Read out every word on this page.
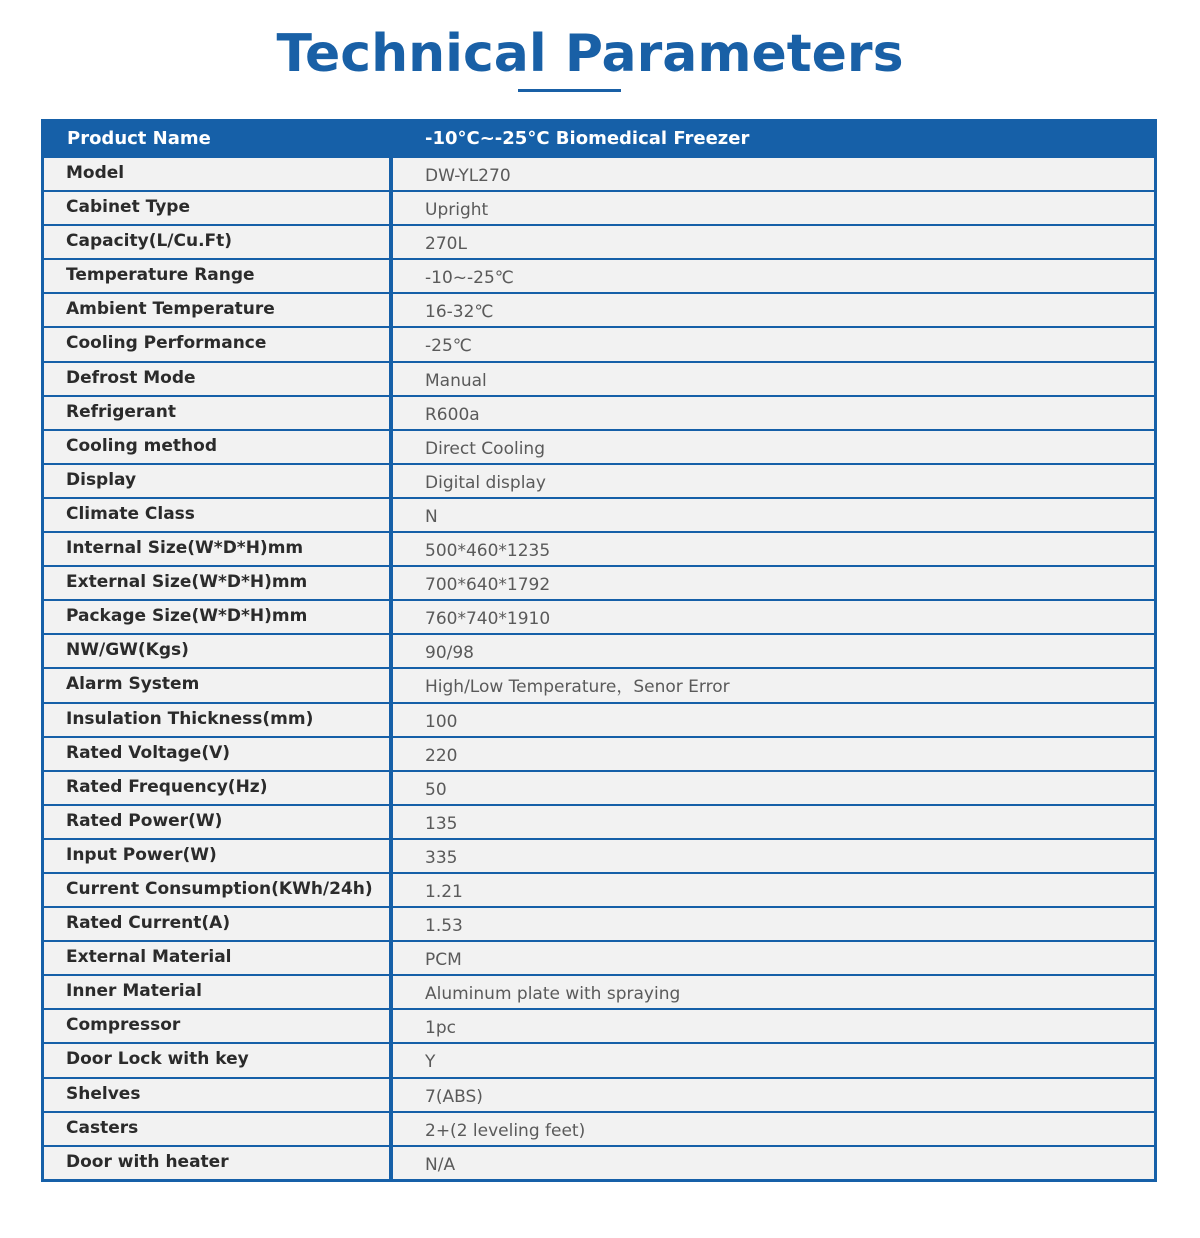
Technical Parameters
Product Name	-10°C~-25°C Biomedical Freezer
Model	DW-YL270
Cabinet Type	Upright
Capacity(L/Cu.Ft)	270L
Temperature Range	-10~-25℃
Ambient Temperature	16-32℃
Cooling Performance	-25℃
Defrost Mode	Manual
Refrigerant	R600a
Cooling method	Direct Cooling
Display	Digital display
Climate Class	N
Internal Size(W*D*H)mm	500*460*1235
External Size(W*D*H)mm	700*640*1792
Package Size(W*D*H)mm	760*740*1910
NW/GW(Kgs)	90/98
Alarm System	High/Low Temperature，Senor Error
Insulation Thickness(mm)	100
Rated Voltage(V)	220
Rated Frequency(Hz)	50
Rated Power(W)	135
Input Power(W)	335
Current Consumption(KWh/24h)	1.21
Rated Current(A)	1.53
External Material	PCM
Inner Material	Aluminum plate with spraying
Compressor	1pc
Door Lock with key	Y
Shelves	7(ABS)
Casters	2+(2 leveling feet)
Door with heater	N/A
